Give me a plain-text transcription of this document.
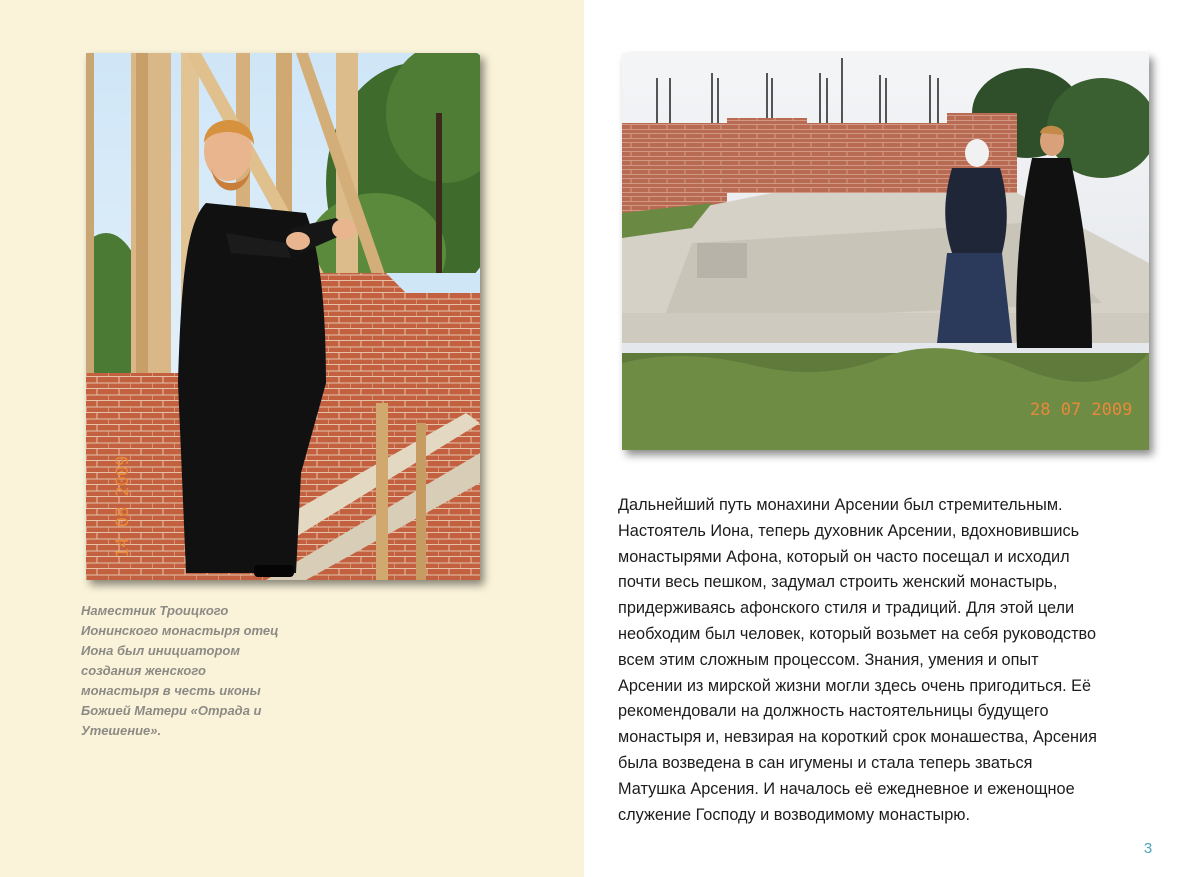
14 08 2009
28 07 2009
Наместник Троицкого
Ионинского монастыря отец
Иона был инициатором
создания женского
монастыря в честь иконы
Божией Матери «Отрада и
Утешение».
Дальнейший путь монахини Арсении был стремительным.
Настоятель Иона, теперь духовник Арсении, вдохновившись
монастырями Афона, который он часто посещал и исходил
почти весь пешком, задумал строить женский монастырь,
придерживаясь афонского стиля и традиций. Для этой цели
необходим был человек, который возьмет на себя руководство
всем этим сложным процессом. Знания, умения и опыт
Арсении из мирской жизни могли здесь очень пригодиться. Её
рекомендовали на должность настоятельницы будущего
монастыря и, невзирая на короткий срок монашества, Арсения
была возведена в сан игумены и стала теперь зваться
Матушка Арсения. И началось её ежедневное и еженощное
служение Господу и возводимому монастырю.
3
